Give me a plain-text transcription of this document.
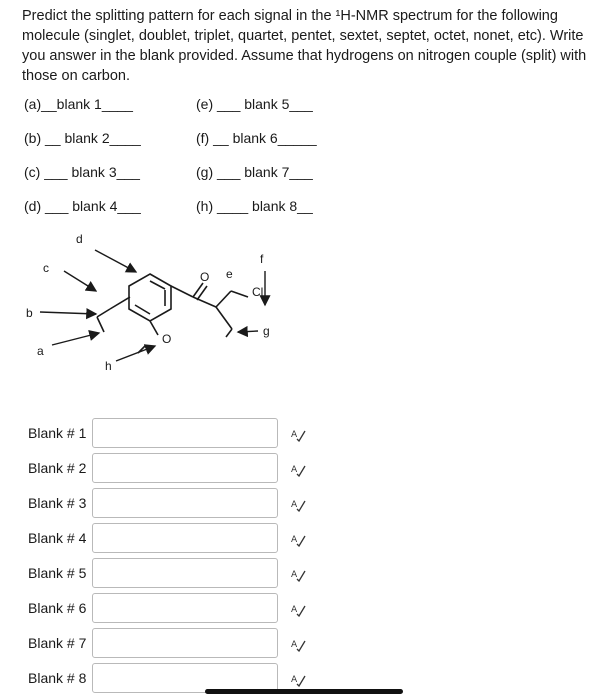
Predict the splitting pattern for each signal in the ¹H-NMR spectrum for the following molecule (singlet, doublet, triplet, quartet, pentet, sextet, septet, octet, nonet, etc). Write you answer in the blank provided. Assume that hydrogens on nitrogen couple (split) with those on carbon.

(a)__blank 1____
(b) __ blank 2____
(c) ___ blank 3___
(d) ___ blank 4___
(e) ___ blank 5___
(f) __ blank 6_____
(g) ___ blank 7___
(h) ____ blank 8__
c
d
b
a
h
O
O e
f
Cl
g
Blank # 1	A
Blank # 2	A
Blank # 3	A
Blank # 4	A
Blank # 5	A
Blank # 6	A
Blank # 7	A
Blank # 8	A
